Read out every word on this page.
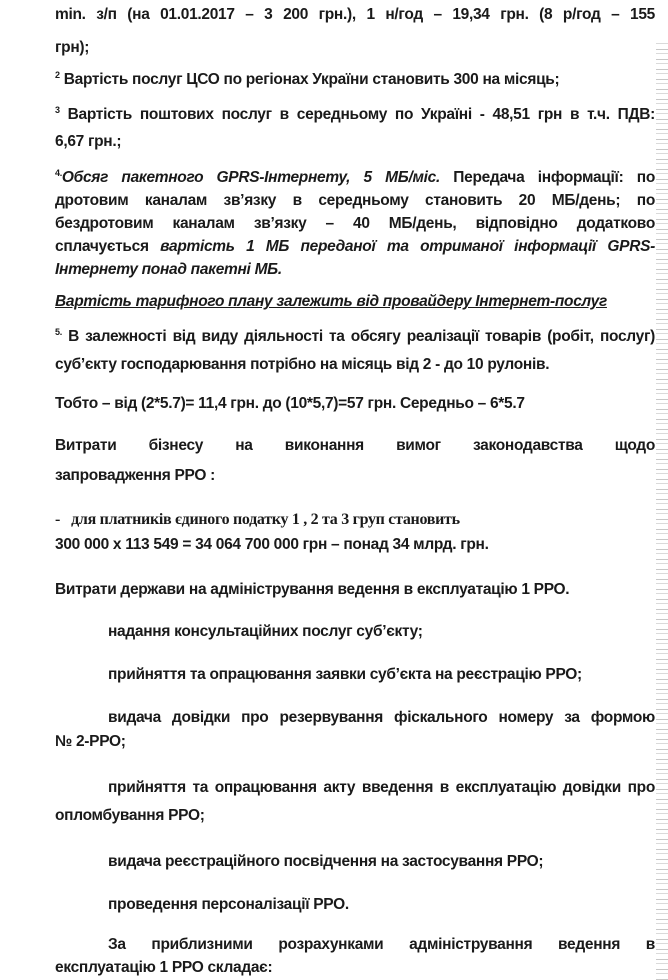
min. з/п (на 01.01.2017 – 3 200 грн.), 1 н/год – 19,34 грн. (8 р/год – 155
грн);
$^2$ Вартість послуг ЦСО по регіонах України становить 300 на місяць;
$^3$ Вартість поштових послуг в середньому по Україні - 48,51 грн в т.ч. ПДВ:
6,67 грн.;
$^{4.}$Обсяг пакетного GPRS-Інтернету, 5 МБ/міс. Передача інформації: по
дротовим каналам зв’язку в середньому становить 20 МБ/день; по
бездротовим каналам зв’язку – 40 МБ/день, відповідно додатково
сплачується вартість 1 МБ переданої та отриманої інформації GPRS-
Інтернету понад пакетні МБ.
Вартість тарифного плану залежить від провайдеру Інтернет-послуг
$^{5.}$ В залежності від виду діяльності та обсягу реалізації товарів (робіт, послуг)
суб’єкту господарювання потрібно на місяць від 2 - до 10 рулонів.
Тобто – від (2*5.7)= 11,4 грн. до (10*5,7)=57 грн. Середньо – 6*5.7
Витрати бізнесу на виконання вимог законодавства щодо
запровадження РРО :
- для платників єдиного податку 1 , 2 та 3 груп становить
300 000 х 113 549 = 34 064 700 000 грн – понад 34 млрд. грн.
Витрати держави на адміністрування ведення в експлуатацію 1 РРО.
надання консультаційних послуг суб’єкту;
прийняття та опрацювання заявки суб’єкта на реєстрацію РРО;
видача довідки про резервування фіскального номеру за формою
№ 2-РРО;
прийняття та опрацювання акту введення в експлуатацію довідки про
опломбування РРО;
видача реєстраційного посвідчення на застосування РРО;
проведення персоналізації РРО.
За приблизними розрахунками адміністрування ведення в
експлуатацію 1 РРО складає:
